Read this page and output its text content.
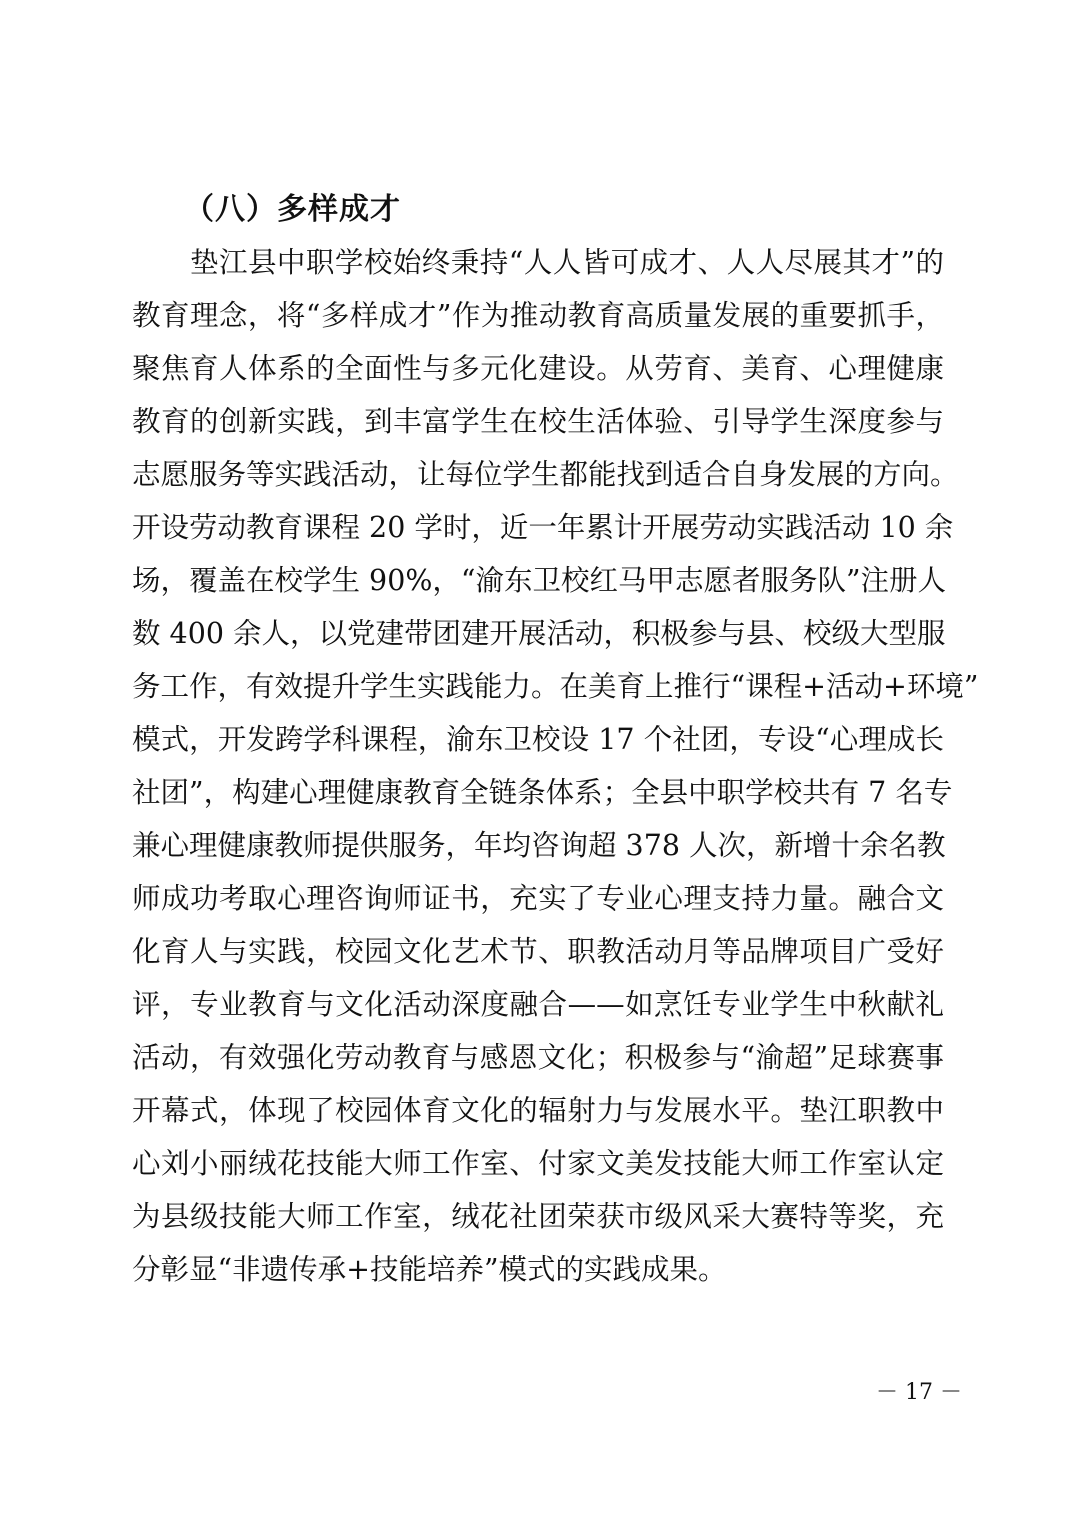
（八）多样成才
垫江县中职学校始终秉持“人人皆可成才、人人尽展其才”的
教育理念，将“多样成才”作为推动教育高质量发展的重要抓手，
聚焦育人体系的全面性与多元化建设。从劳育、美育、心理健康
教育的创新实践，到丰富学生在校生活体验、引导学生深度参与
志愿服务等实践活动，让每位学生都能找到适合自身发展的方向。
开设劳动教育课程 20 学时，近一年累计开展劳动实践活动 10 余
场，覆盖在校学生 90%，“渝东卫校红马甲志愿者服务队”注册人
数 400 余人，以党建带团建开展活动，积极参与县、校级大型服
务工作，有效提升学生实践能力。在美育上推行“课程+活动+环境”
模式，开发跨学科课程，渝东卫校设 17 个社团，专设“心理成长
社团”，构建心理健康教育全链条体系；全县中职学校共有 7 名专
兼心理健康教师提供服务，年均咨询超 378 人次，新增十余名教
师成功考取心理咨询师证书，充实了专业心理支持力量。融合文
化育人与实践，校园文化艺术节、职教活动月等品牌项目广受好
评，专业教育与文化活动深度融合——如烹饪专业学生中秋献礼
活动，有效强化劳动教育与感恩文化；积极参与“渝超”足球赛事
开幕式，体现了校园体育文化的辐射力与发展水平。垫江职教中
心刘小丽绒花技能大师工作室、付家文美发技能大师工作室认定
为县级技能大师工作室，绒花社团荣获市级风采大赛特等奖，充
分彰显“非遗传承+技能培养”模式的实践成果。
－ 17 －
